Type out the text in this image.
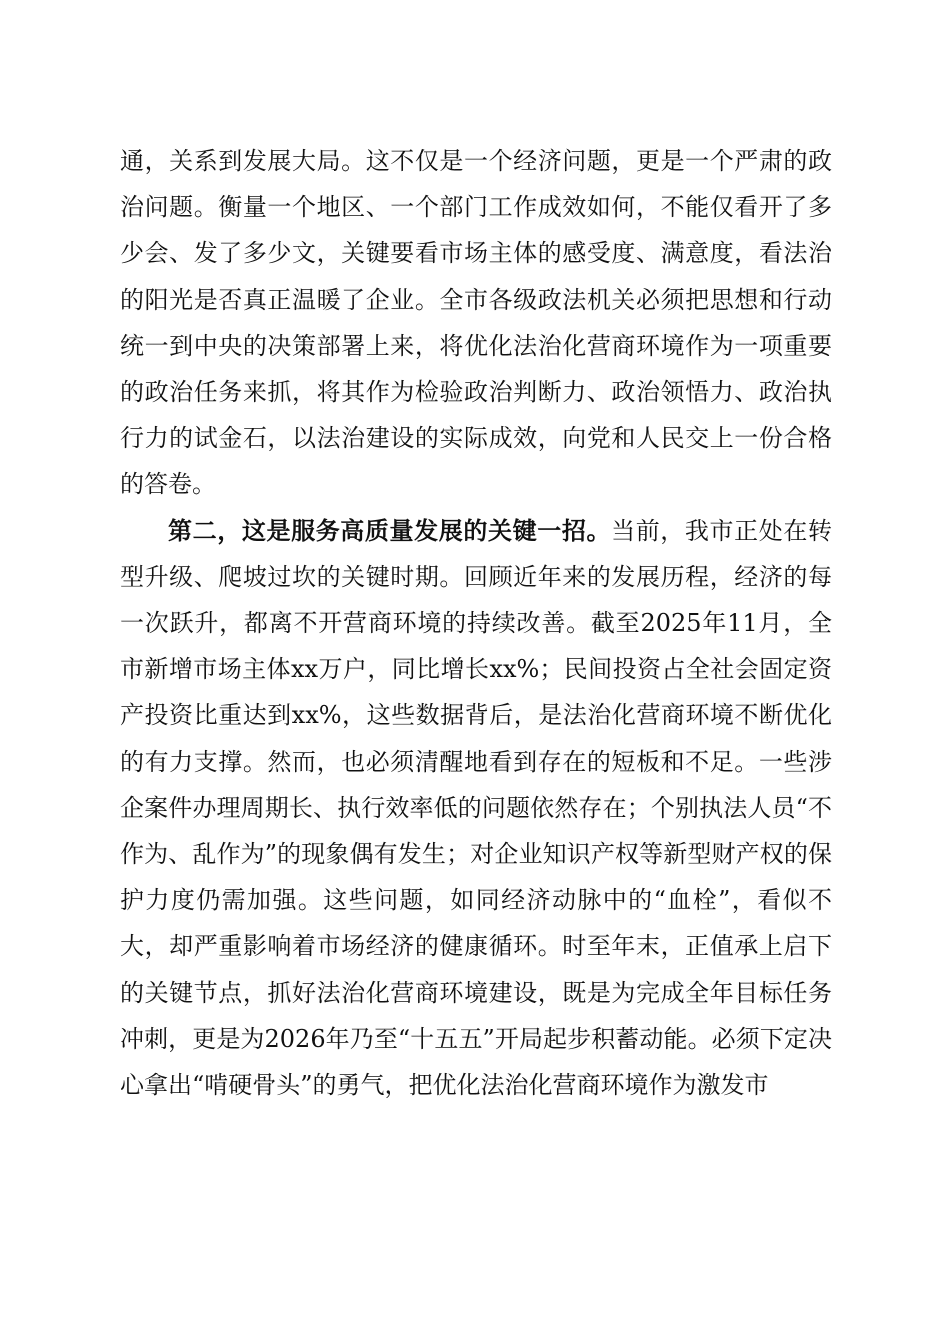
通，关系到发展大局。这不仅是一个经济问题，更是一个严肃的政治问题。衡量一个地区、一个部门工作成效如何，不能仅看开了多少会、发了多少文，关键要看市场主体的感受度、满意度，看法治的阳光是否真正温暖了企业。全市各级政法机关必须把思想和行动统一到中央的决策部署上来，将优化法治化营商环境作为一项重要的政治任务来抓，将其作为检验政治判断力、政治领悟力、政治执行力的试金石，以法治建设的实际成效，向党和人民交上一份合格的答卷。

第二，这是服务高质量发展的关键一招。当前，我市正处在转型升级、爬坡过坎的关键时期。回顾近年来的发展历程，经济的每一次跃升，都离不开营商环境的持续改善。截至2025年11月，全市新增市场主体xx万户，同比增长xx%；民间投资占全社会固定资产投资比重达到xx%，这些数据背后，是法治化营商环境不断优化的有力支撑。然而，也必须清醒地看到存在的短板和不足。一些涉企案件办理周期长、执行效率低的问题依然存在；个别执法人员“不作为、乱作为”的现象偶有发生；对企业知识产权等新型财产权的保护力度仍需加强。这些问题，如同经济动脉中的“血栓”，看似不大，却严重影响着市场经济的健康循环。时至年末，正值承上启下的关键节点，抓好法治化营商环境建设，既是为完成全年目标任务冲刺，更是为2026年乃至“十五五”开局起步积蓄动能。必须下定决心拿出“啃硬骨头”的勇气，把优化法治化营商环境作为激发市
